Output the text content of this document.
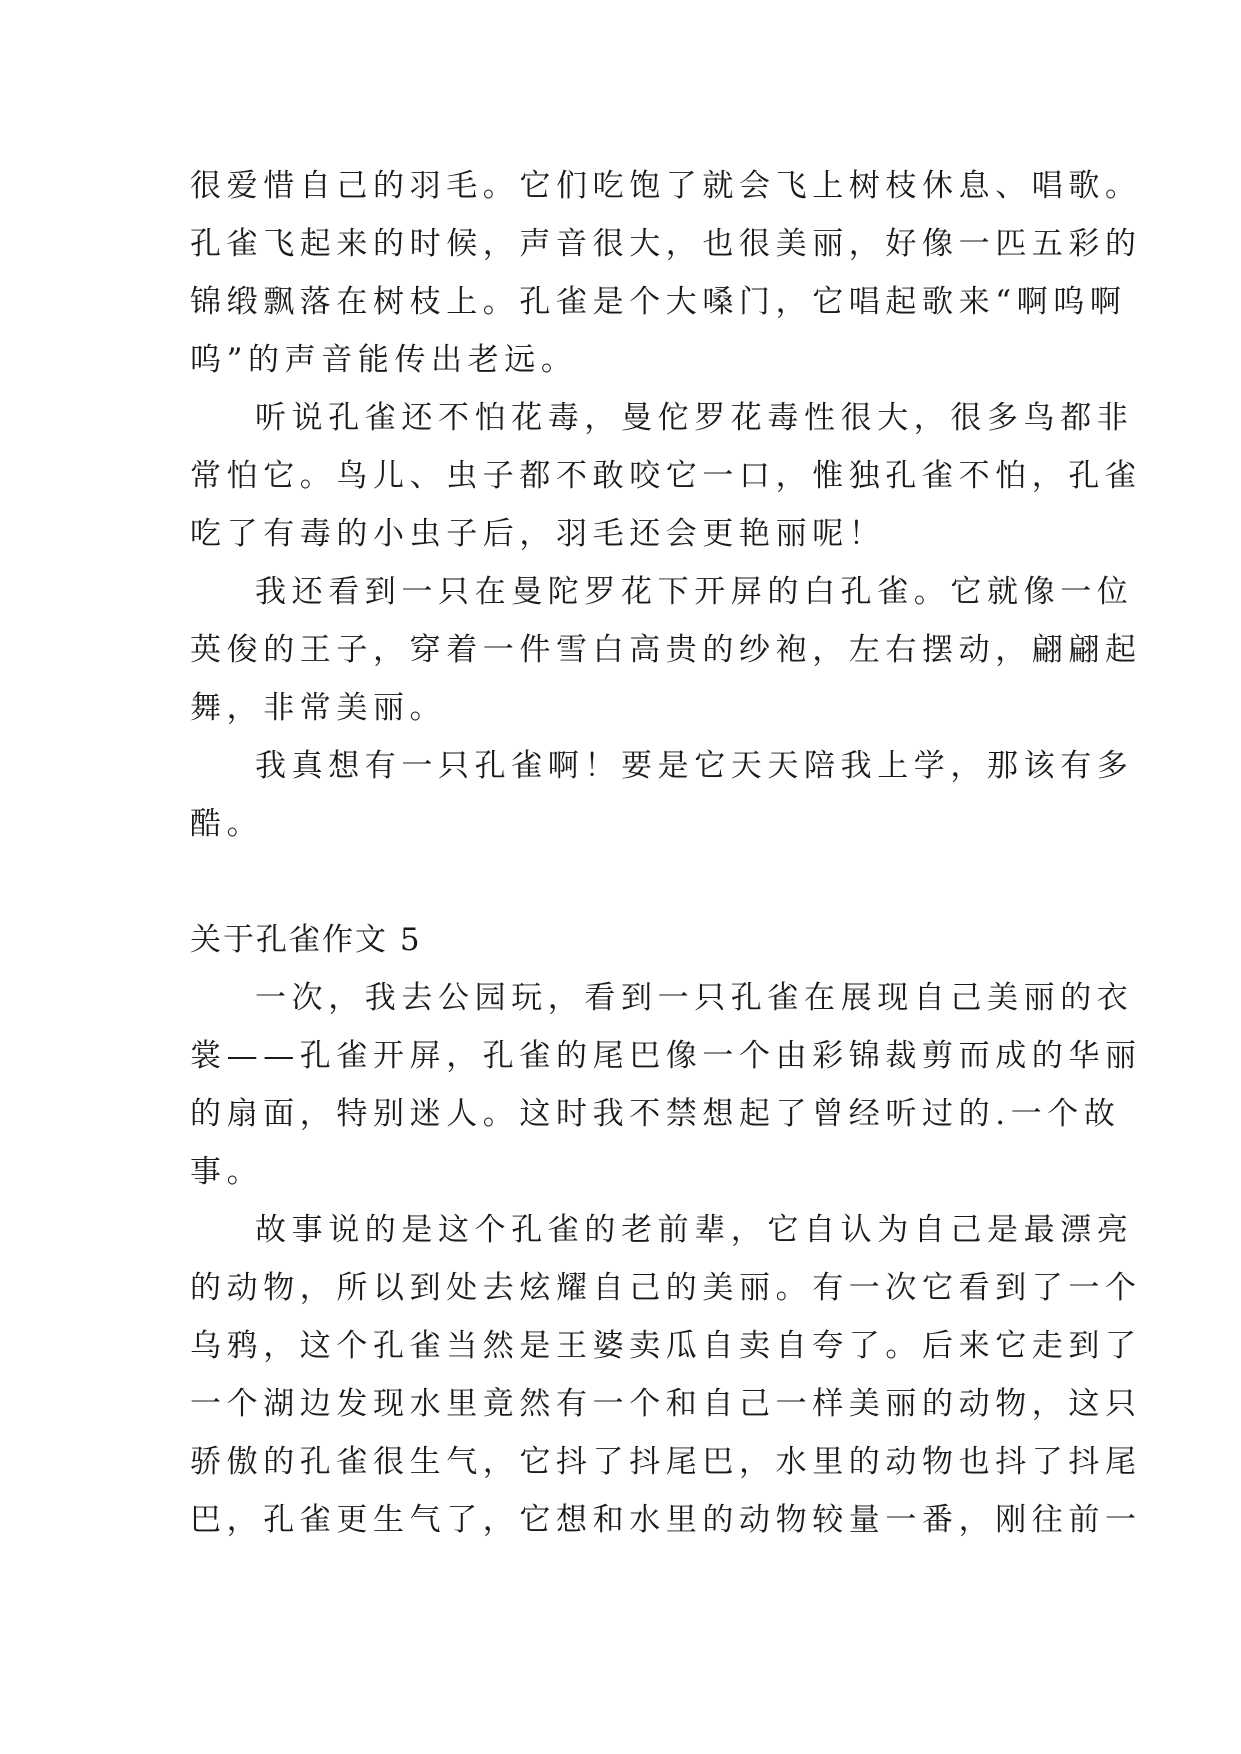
很爱惜自己的羽毛。它们吃饱了就会飞上树枝休息、唱歌。
孔雀飞起来的时候，声音很大，也很美丽，好像一匹五彩的
锦缎飘落在树枝上。孔雀是个大嗓门，它唱起歌来“啊呜啊
呜”的声音能传出老远。
听说孔雀还不怕花毒，曼佗罗花毒性很大，很多鸟都非
常怕它。鸟儿、虫子都不敢咬它一口，惟独孔雀不怕，孔雀
吃了有毒的小虫子后，羽毛还会更艳丽呢！
我还看到一只在曼陀罗花下开屏的白孔雀。它就像一位
英俊的王子，穿着一件雪白高贵的纱袍，左右摆动，翩翩起
舞，非常美丽。
我真想有一只孔雀啊！要是它天天陪我上学，那该有多
酷。
关于孔雀作文 5
一次，我去公园玩，看到一只孔雀在展现自己美丽的衣
裳——孔雀开屏，孔雀的尾巴像一个由彩锦裁剪而成的华丽
的扇面，特别迷人。这时我不禁想起了曾经听过的.一个故
事。
故事说的是这个孔雀的老前辈，它自认为自己是最漂亮
的动物，所以到处去炫耀自己的美丽。有一次它看到了一个
乌鸦，这个孔雀当然是王婆卖瓜自卖自夸了。后来它走到了
一个湖边发现水里竟然有一个和自己一样美丽的动物，这只
骄傲的孔雀很生气，它抖了抖尾巴，水里的动物也抖了抖尾
巴，孔雀更生气了，它想和水里的动物较量一番，刚往前一
